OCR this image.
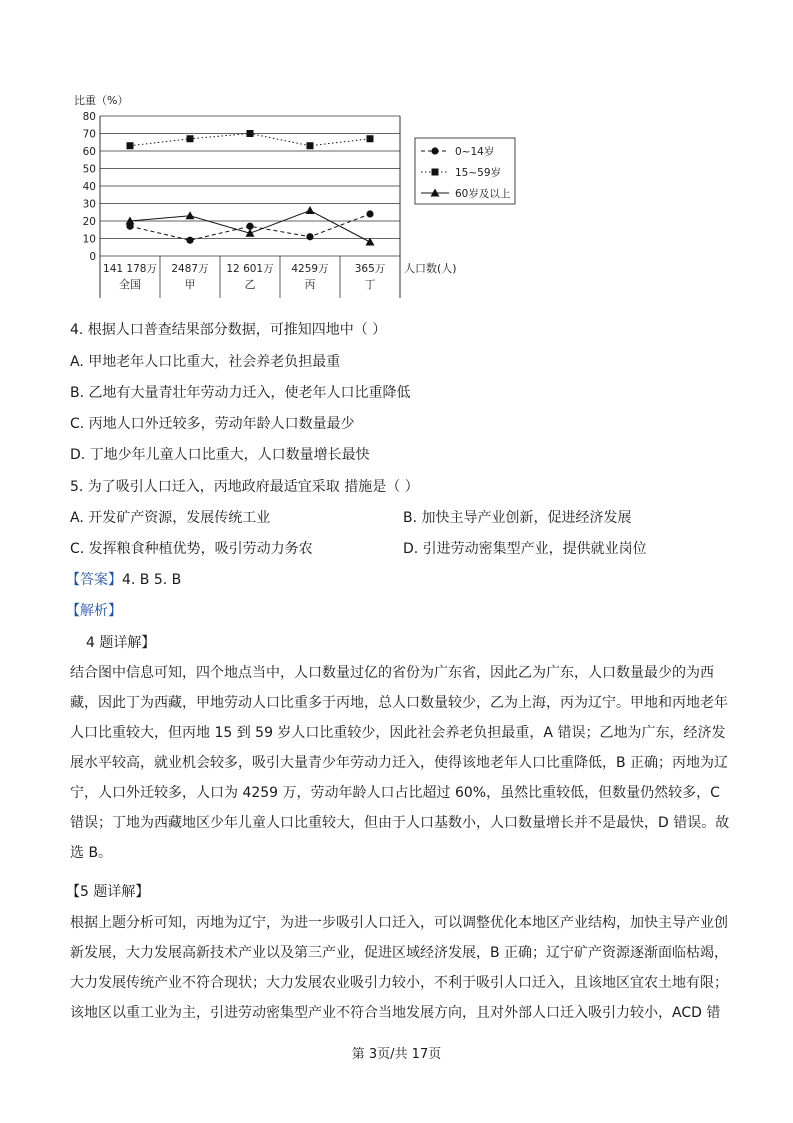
比重（%）
0
10
20
30
40
50
60
70
80
141 178万
全国
2487万
甲
12 601万
乙
4259万
丙
365万
丁
人口数(人)
0~14岁
15~59岁
60岁及以上
4. 根据人口普查结果部分数据，可推知四地中（ ）
A. 甲地老年人口比重大，社会养老负担最重
B. 乙地有大量青壮年劳动力迁入，使老年人口比重降低
C. 丙地人口外迁较多，劳动年龄人口数量最少
D. 丁地少年儿童人口比重大，人口数量增长最快
5. 为了吸引人口迁入，丙地政府最适宜采取 措施是（ ）
A. 开发矿产资源，发展传统工业	B. 加快主导产业创新，促进经济发展
C. 发挥粮食种植优势，吸引劳动力务农	D. 引进劳动密集型产业，提供就业岗位
【答案】4. B 5. B
【解析】
4 题详解】
结合图中信息可知，四个地点当中，人口数量过亿的省份为广东省，因此乙为广东，人口数量最少的为西藏，因此丁为西藏，甲地劳动人口比重多于丙地，总人口数量较少，乙为上海，丙为辽宁。甲地和丙地老年人口比重较大，但丙地 15 到 59 岁人口比重较少，因此社会养老负担最重，A 错误；乙地为广东，经济发展水平较高，就业机会较多，吸引大量青少年劳动力迁入，使得该地老年人口比重降低，B 正确；丙地为辽宁，人口外迁较多，人口为 4259 万，劳动年龄人口占比超过 60%，虽然比重较低，但数量仍然较多，C 错误；丁地为西藏地区少年儿童人口比重较大，但由于人口基数小，人口数量增长并不是最快，D 错误。故选 B。
【5 题详解】
根据上题分析可知，丙地为辽宁，为进一步吸引人口迁入，可以调整优化本地区产业结构，加快主导产业创新发展，大力发展高新技术产业以及第三产业，促进区域经济发展，B 正确；辽宁矿产资源逐渐面临枯竭，大力发展传统产业不符合现状；大力发展农业吸引力较小，不利于吸引人口迁入，且该地区宜农土地有限；该地区以重工业为主，引进劳动密集型产业不符合当地发展方向，且对外部人口迁入吸引力较小，ACD 错
第 3页/共 17页
